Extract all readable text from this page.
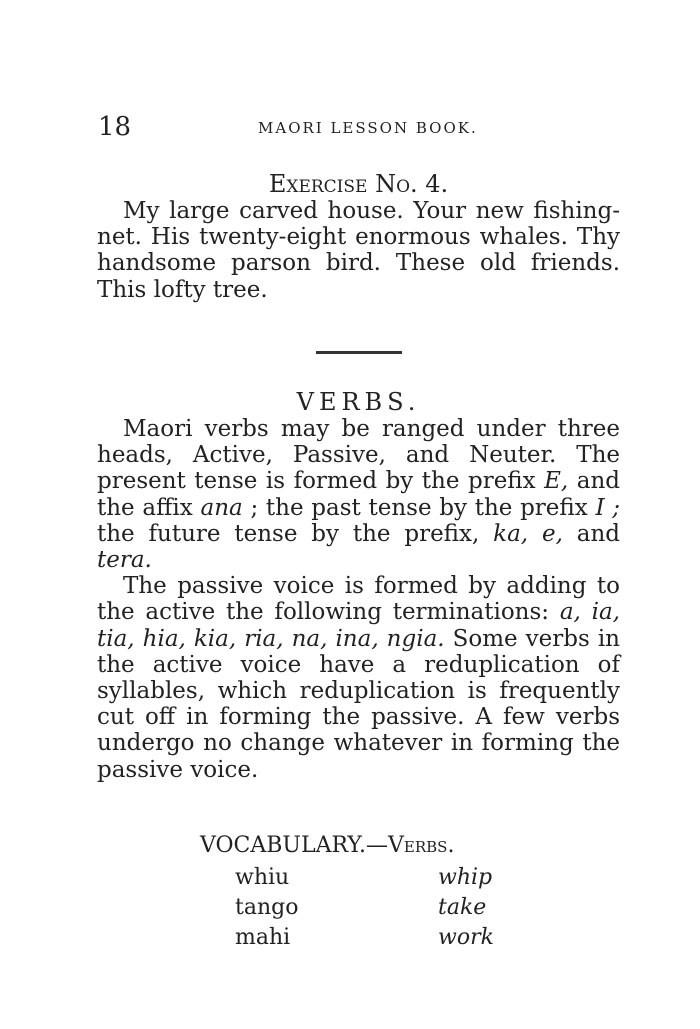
18	MAORI LESSON BOOK.
Exercise No. 4.

My large carved house. Your new fishing-net. His twenty-eight enormous whales. Thy handsome parson bird. These old friends. This lofty tree.

VERBS.

Maori verbs may be ranged under three heads, Active, Passive, and Neuter. The present tense is formed by the prefix E, and the affix ana ; the past tense by the prefix I ; the future tense by the prefix, ka, e, and tera.

The passive voice is formed by adding to the active the following terminations: a, ia, tia, hia, kia, ria, na, ina, ngia. Some verbs in the active voice have a reduplication of syllables, which reduplication is frequently cut off in forming the passive. A few verbs undergo no change whatever in forming the passive voice.

VOCABULARY.—Verbs.
whiu	whip
tango	take
mahi	work
